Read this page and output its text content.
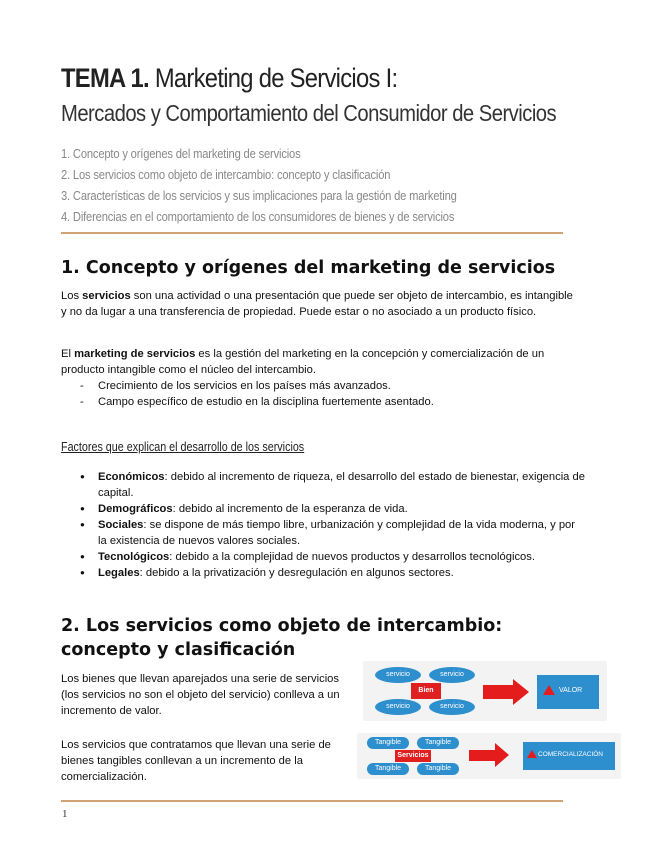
TEMA 1. Marketing de Servicios I:
Mercados y Comportamiento del Consumidor de Servicios
1. Concepto y orígenes del marketing de servicios
2. Los servicios como objeto de intercambio: concepto y clasificación
3. Características de los servicios y sus implicaciones para la gestión de marketing
4. Diferencias en el comportamiento de los consumidores de bienes y de servicios
1. Concepto y orígenes del marketing de servicios

Los servicios son una actividad o una presentación que puede ser objeto de intercambio, es intangible y no da lugar a una transferencia de propiedad. Puede estar o no asociado a un producto físico.

El marketing de servicios es la gestión del marketing en la concepción y comercialización de un producto intangible como el núcleo del intercambio.

- Crecimiento de los servicios en los países más avanzados.
- Campo específico de estudio en la disciplina fuertemente asentado.
Factores que explican el desarrollo de los servicios
● Económicos: debido al incremento de riqueza, el desarrollo del estado de bienestar, exigencia de capital.
● Demográficos: debido al incremento de la esperanza de vida.
● Sociales: se dispone de más tiempo libre, urbanización y complejidad de la vida moderna, y por la existencia de nuevos valores sociales.
● Tecnológicos: debido a la complejidad de nuevos productos y desarrollos tecnológicos.
● Legales: debido a la privatización y desregulación en algunos sectores.
2. Los servicios como objeto de intercambio: concepto y clasificación

Los bienes que llevan aparejados una serie de servicios (los servicios no son el objeto del servicio) conlleva a un incremento de valor.

Los servicios que contratamos que llevan una serie de bienes tangibles conllevan a un incremento de la comercialización.

servicio	servicio
Bien
servicio	servicio
VALOR
Tangible	Tangible
Servicios
Tangible	Tangible
COMERCIALIZACIÓN
1
